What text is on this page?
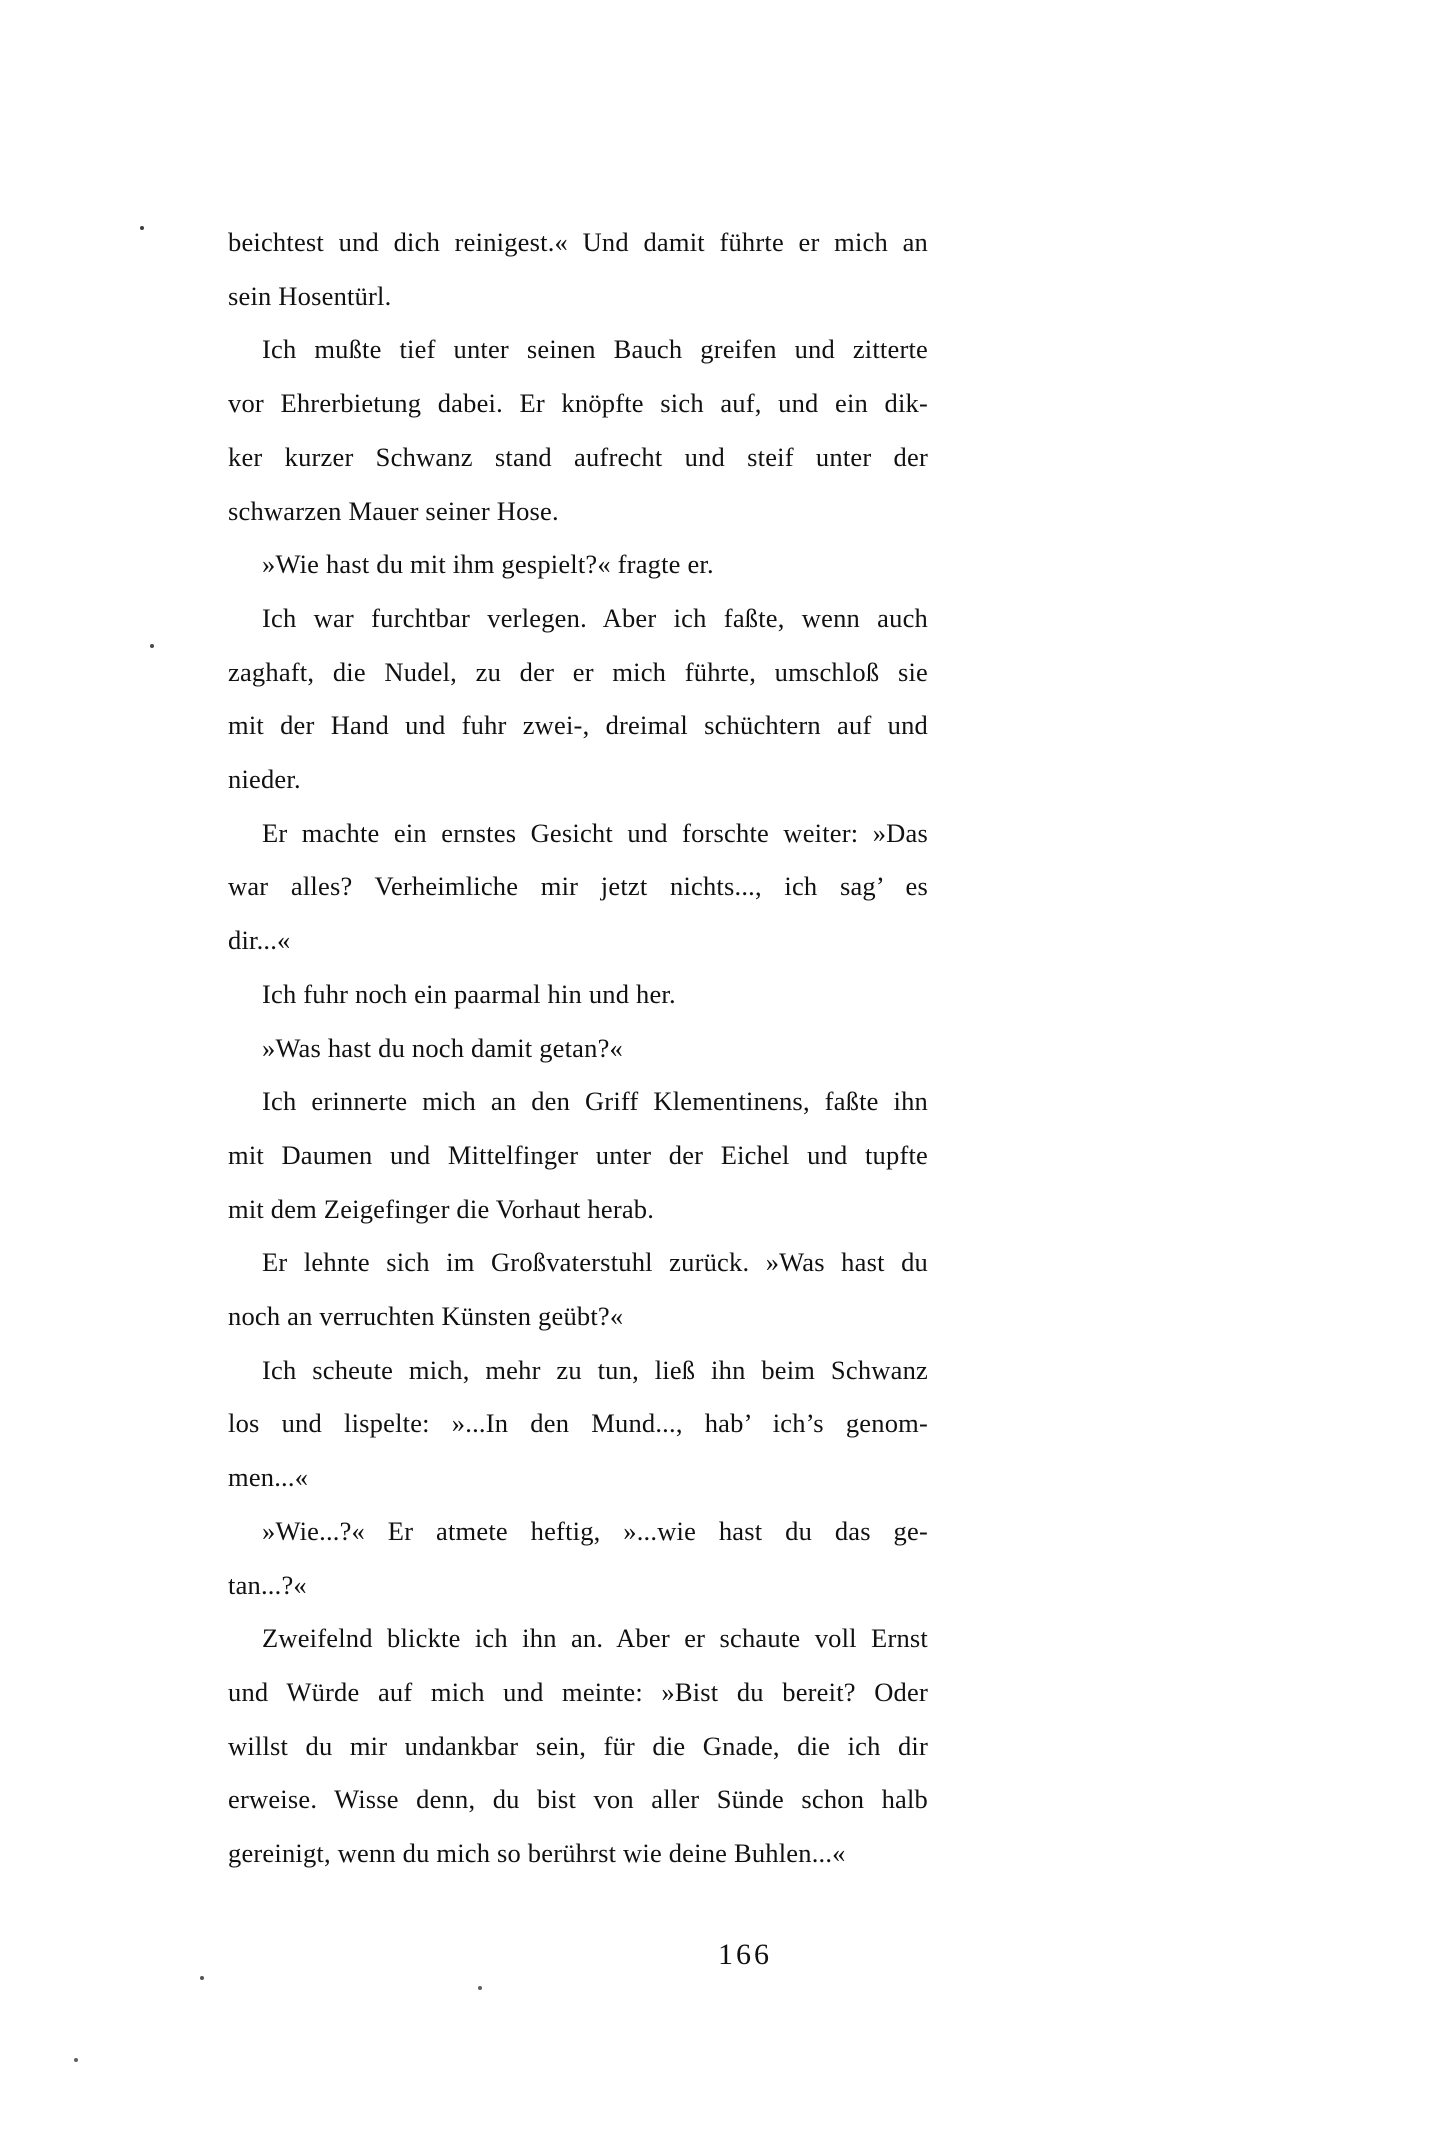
beichtest und dich reinigest.« Und damit führte er mich an
sein Hosentürl.

Ich mußte tief unter seinen Bauch greifen und zitterte
vor Ehrerbietung dabei. Er knöpfte sich auf, und ein dik-
ker kurzer Schwanz stand aufrecht und steif unter der
schwarzen Mauer seiner Hose.

»Wie hast du mit ihm gespielt?« fragte er.

Ich war furchtbar verlegen. Aber ich faßte, wenn auch
zaghaft, die Nudel, zu der er mich führte, umschloß sie
mit der Hand und fuhr zwei-, dreimal schüchtern auf und
nieder.

Er machte ein ernstes Gesicht und forschte weiter: »Das
war alles? Verheimliche mir jetzt nichts..., ich sag’ es
dir...«

Ich fuhr noch ein paarmal hin und her.

»Was hast du noch damit getan?«

Ich erinnerte mich an den Griff Klementinens, faßte ihn
mit Daumen und Mittelfinger unter der Eichel und tupfte
mit dem Zeigefinger die Vorhaut herab.

Er lehnte sich im Großvaterstuhl zurück. »Was hast du
noch an verruchten Künsten geübt?«

Ich scheute mich, mehr zu tun, ließ ihn beim Schwanz
los und lispelte: »...In den Mund..., hab’ ich’s genom-
men...«

»Wie...?« Er atmete heftig, »...wie hast du das ge-
tan...?«

Zweifelnd blickte ich ihn an. Aber er schaute voll Ernst
und Würde auf mich und meinte: »Bist du bereit? Oder
willst du mir undankbar sein, für die Gnade, die ich dir
erweise. Wisse denn, du bist von aller Sünde schon halb
gereinigt, wenn du mich so berührst wie deine Buhlen...«

166
